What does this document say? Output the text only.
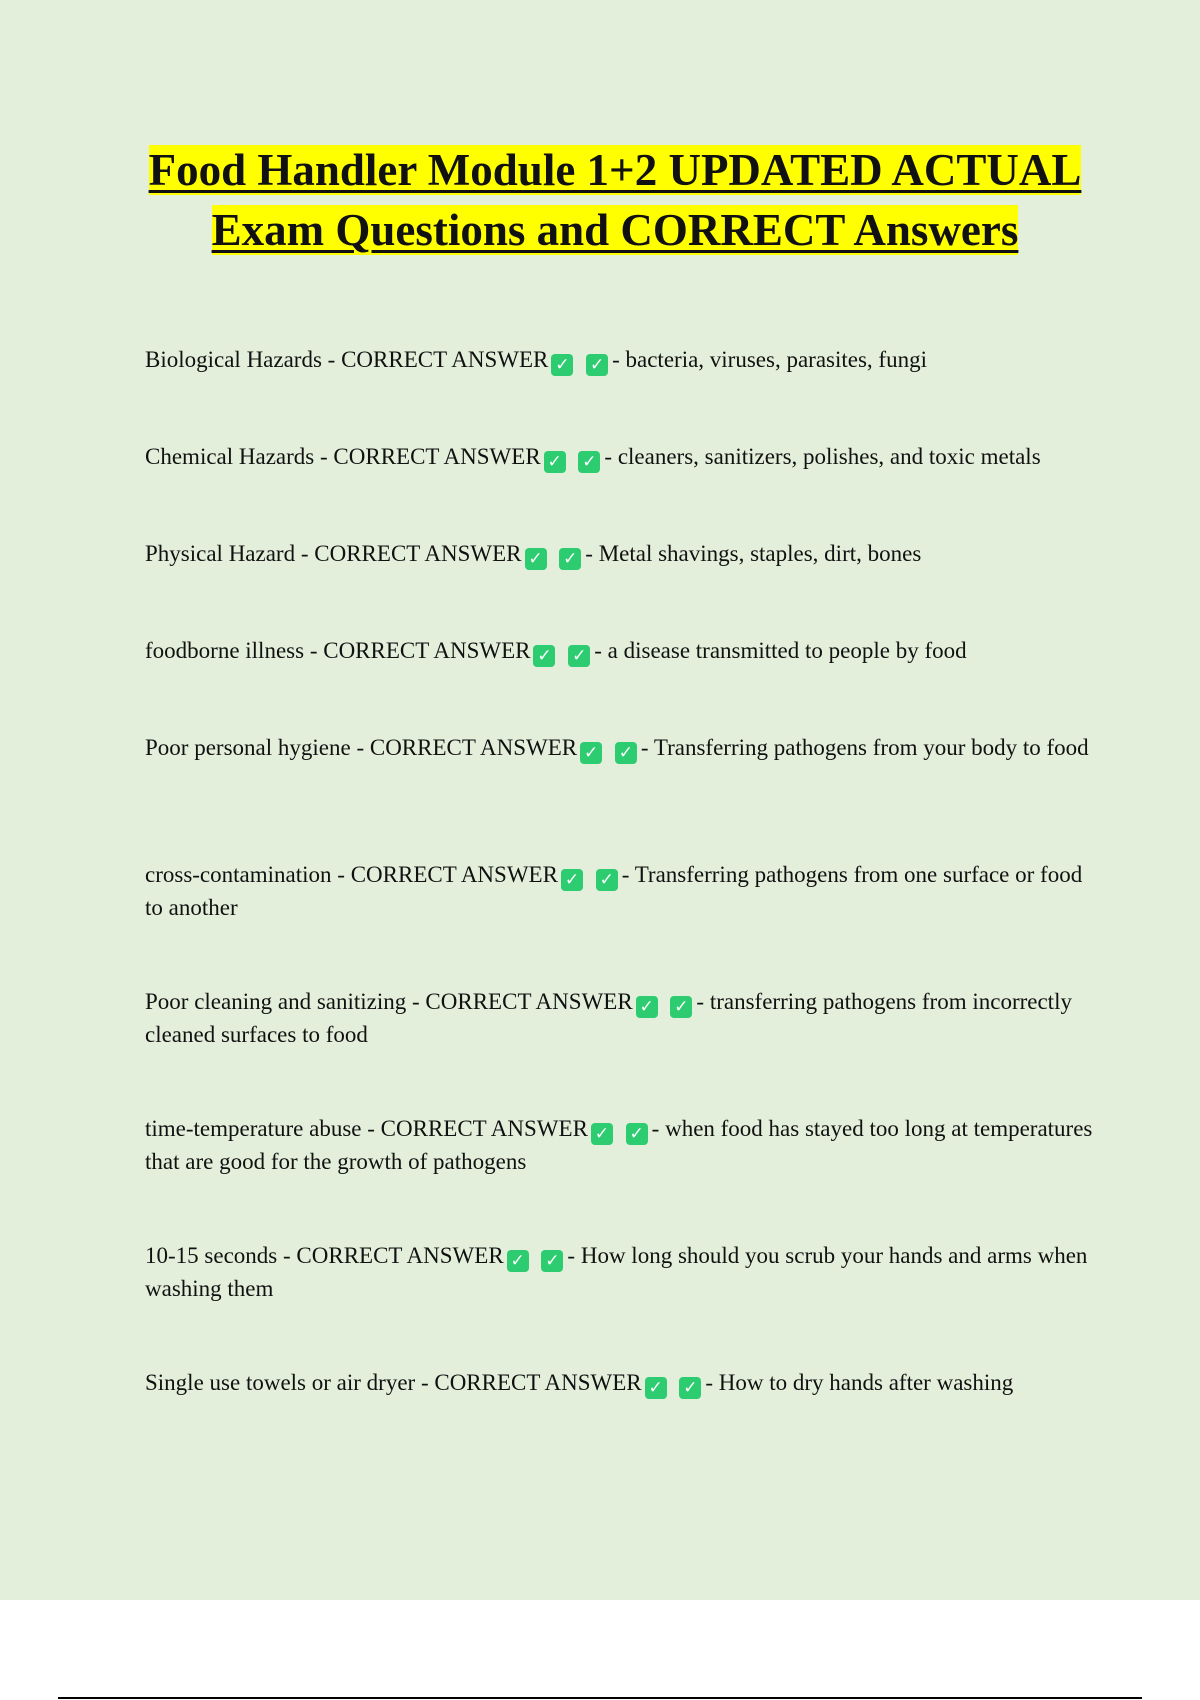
Food Handler Module 1+2 UPDATED ACTUAL Exam Questions and CORRECT Answers

Biological Hazards - CORRECT ANSWER ✓ ✓ - bacteria, viruses, parasites, fungi

Chemical Hazards - CORRECT ANSWER ✓ ✓ - cleaners, sanitizers, polishes, and toxic metals

Physical Hazard - CORRECT ANSWER ✓ ✓ - Metal shavings, staples, dirt, bones

foodborne illness - CORRECT ANSWER ✓ ✓ - a disease transmitted to people by food

Poor personal hygiene - CORRECT ANSWER ✓ ✓ - Transferring pathogens from your body to food

cross-contamination - CORRECT ANSWER ✓ ✓ - Transferring pathogens from one surface or food to another

Poor cleaning and sanitizing - CORRECT ANSWER ✓ ✓ - transferring pathogens from incorrectly cleaned surfaces to food

time-temperature abuse - CORRECT ANSWER ✓ ✓ - when food has stayed too long at temperatures that are good for the growth of pathogens

10-15 seconds - CORRECT ANSWER ✓ ✓ - How long should you scrub your hands and arms when washing them

Single use towels or air dryer - CORRECT ANSWER ✓ ✓ - How to dry hands after washing
